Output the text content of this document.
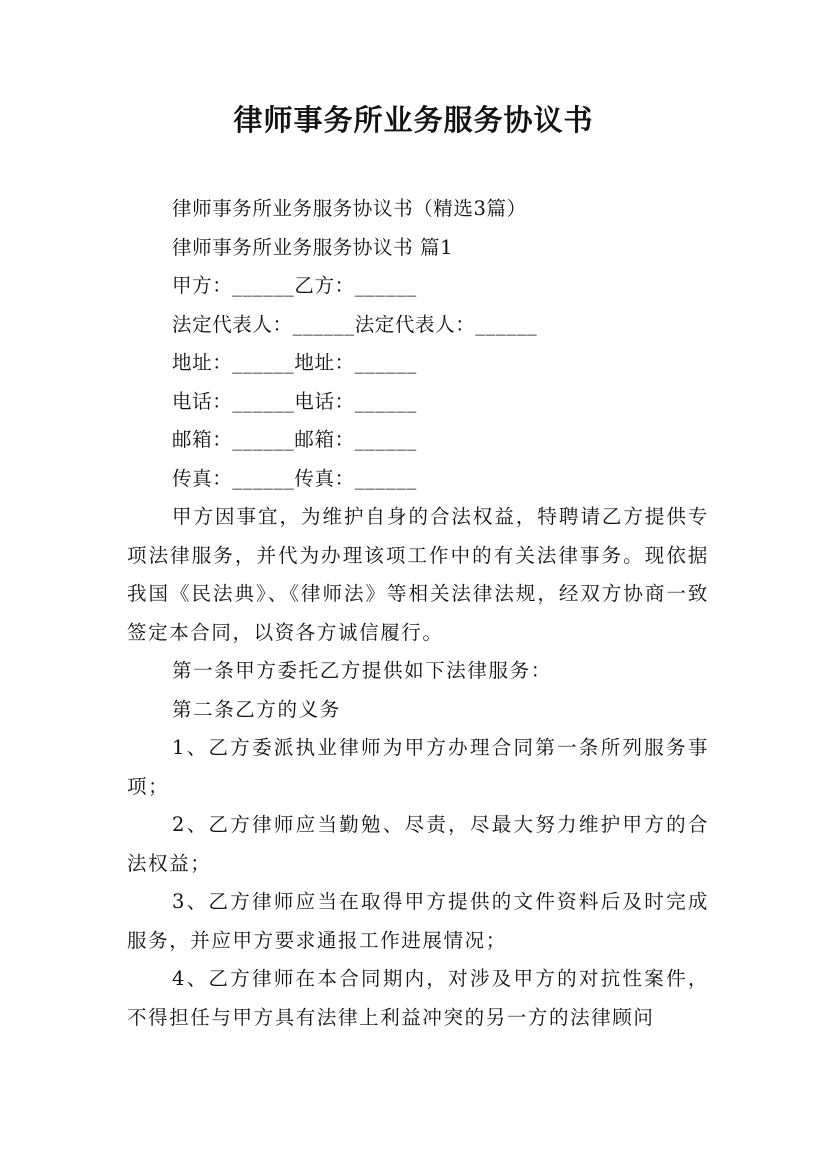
律师事务所业务服务协议书
律师事务所业务服务协议书（精选3篇）
律师事务所业务服务协议书 篇1
甲方：______乙方：______
法定代表人：______法定代表人：______
地址：______地址：______
电话：______电话：______
邮箱：______邮箱：______
传真：______传真：______
甲方因事宜，为维护自身的合法权益，特聘请乙方提供专项法律服务，并代为办理该项工作中的有关法律事务。现依据我国《民法典》、《律师法》等相关法律法规，经双方协商一致签定本合同，以资各方诚信履行。
第一条甲方委托乙方提供如下法律服务：
第二条乙方的义务
1、乙方委派执业律师为甲方办理合同第一条所列服务事项；
2、乙方律师应当勤勉、尽责，尽最大努力维护甲方的合法权益；
3、乙方律师应当在取得甲方提供的文件资料后及时完成服务，并应甲方要求通报工作进展情况；
4、乙方律师在本合同期内，对涉及甲方的对抗性案件，不得担任与甲方具有法律上利益冲突的另一方的法律顾问
